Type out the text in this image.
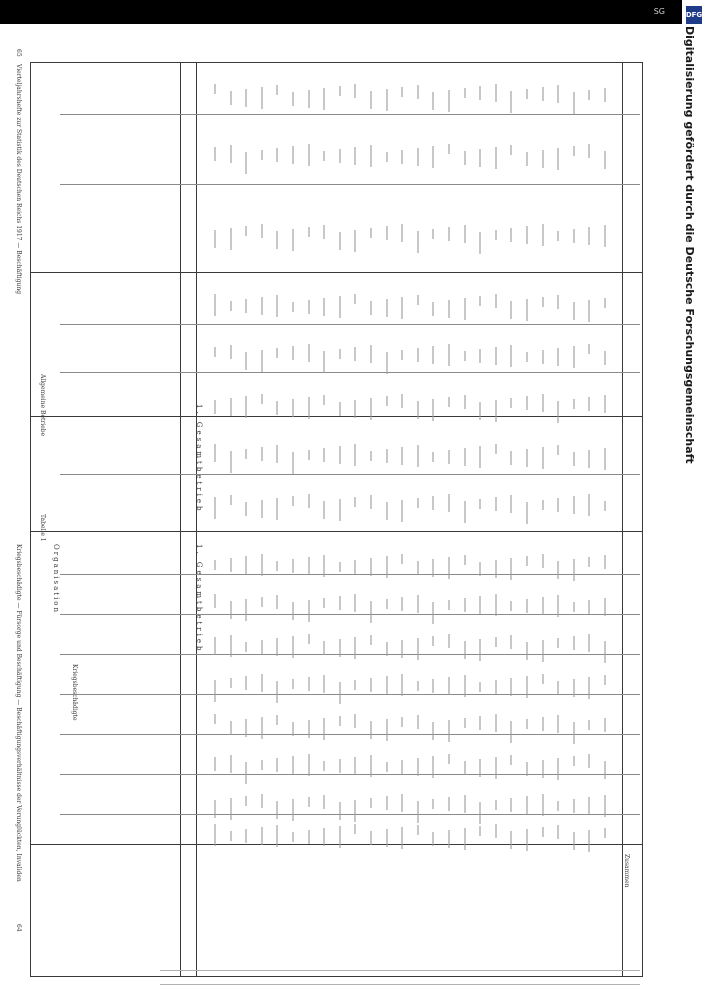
SG	DFG
Digitalisierung gefördert durch die Deutsche Forschungsgemeinschaft
Kriegsbeschädigte — Fürsorge und Beschäftigung — Beschäftigungsverhältnisse der Verunglückten, Invaliden
64
Vierteljahrshefte zur Statistik des Deutschen Reichs 1917 — Beschäftigung
65
Tabelle 1
Organisation
Kriegsbeschädigte
Allgemeine Betriebe
1. Gesamtbetrieb
1. Gesamtbetrieb
Zusammen
